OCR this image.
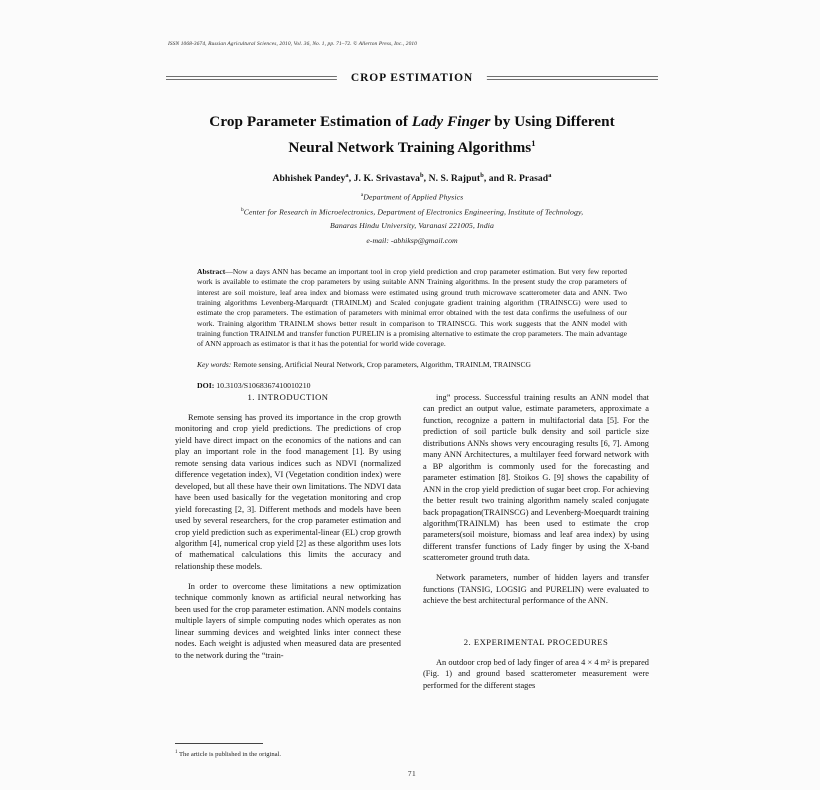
ISSN 1068-3674, Russian Agricultural Sciences, 2010, Vol. 36, No. 1, pp. 71–72. © Allerton Press, Inc., 2010
CROP ESTIMATION
Crop Parameter Estimation of Lady Finger by Using Different
Neural Network Training Algorithms$^1$
Abhishek Pandey$^a$, J. K. Srivastava$^b$, N. S. Rajput$^b$, and R. Prasad$^a$
$^a$Department of Applied Physics
$^b$Center for Research in Microelectronics, Department of Electronics Engineering, Institute of Technology,
Banaras Hindu University, Varanasi 221005, India
e-mail: -abhiksp@gmail.com
Abstract—Now a days ANN has became an important tool in crop yield prediction and crop parameter estimation. But very few reported work is available to estimate the crop parameters by using suitable ANN Training algorithms. In the present study the crop parameters of interest are soil moisture, leaf area index and biomass were estimated using ground truth microwave scatterometer data and ANN. Two training algorithms Levenberg-Marquardt (TRAINLM) and Scaled conjugate gradient training algorithm (TRAINSCG) were used to estimate the crop parameters. The estimation of parameters with minimal error obtained with the test data confirms the usefulness of our work. Training algorithm TRAINLM shows better result in comparison to TRAINSCG. This work suggests that the ANN model with training function TRAINLM and transfer function PURELIN is a promising alternative to estimate the crop parameters. The main advantage of ANN approach as estimator is that it has the potential for world wide coverage.
Key words: Remote sensing, Artificial Neural Network, Crop parameters, Algorithm, TRAINLM, TRAINSCG
DOI: 10.3103/S1068367410010210
1. INTRODUCTION

Remote sensing has proved its importance in the crop growth monitoring and crop yield predictions. The predictions of crop yield have direct impact on the economics of the nations and can play an important role in the food management [1]. By using remote sensing data various indices such as NDVI (normalized difference vegetation index), VI (Vegetation condition index) were developed, but all these have their own limitations. The NDVI data have been used basically for the vegetation monitoring and crop yield forecasting [2, 3]. Different methods and models have been used by several researchers, for the crop parameter estimation and crop yield prediction such as experimental-linear (EL) crop growth algorithm [4], numerical crop yield [2] as these algorithm uses lots of mathematical calculations this limits the accuracy and relationship these models.

In order to overcome these limitations a new optimization technique commonly known as artificial neural networking has been used for the crop parameter estimation. ANN models contains multiple layers of simple computing nodes which operates as non linear summing devices and weighted links inter connect these nodes. Each weight is adjusted when measured data are presented to the network during the “train-

ing” process. Successful training results an ANN model that can predict an output value, estimate parameters, approximate a function, recognize a pattern in multifactorial data [5]. For the prediction of soil particle bulk density and soil particle size distributions ANNs shows very encouraging results [6, 7]. Among many ANN Architectures, a multilayer feed forward network with a BP algorithm is commonly used for the forecasting and parameter estimation [8]. Stoikos G. [9] shows the capability of ANN in the crop yield prediction of sugar beet crop. For achieving the better result two training algorithm namely scaled conjugate back propagation(TRAINSCG) and Levenberg-Moequardt training algorithm(TRAINLM) has been used to estimate the crop parameters(soil moisture, biomass and leaf area index) by using different transfer functions of Lady finger by using the X-band scatterometer ground truth data.

Network parameters, number of hidden layers and transfer functions (TANSIG, LOGSIG and PURELIN) were evaluated to achieve the best architectural performance of the ANN.

2. EXPERIMENTAL PROCEDURES

An outdoor crop bed of lady finger of area 4 × 4 m² is prepared (Fig. 1) and ground based scatterometer measurement were performed for the different stages

$^1$ The article is published in the original.
71
